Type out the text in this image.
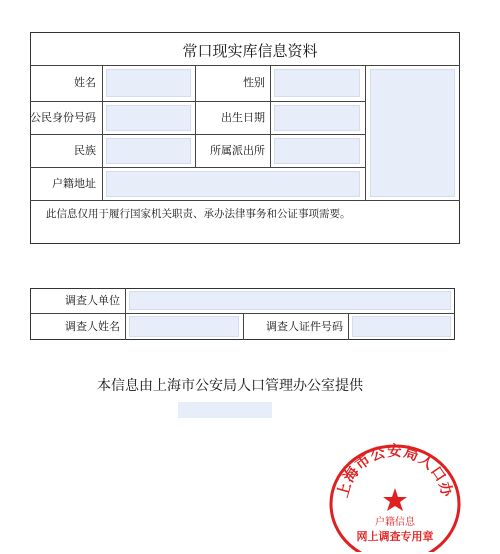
常口现实库信息资料
姓名	性别
公民身份号码	出生日期
民族	所属派出所
户籍地址
此信息仅用于履行国家机关职责、承办法律事务和公证事项需要。
调查人单位
调查人姓名	调查人证件号码
本信息由上海市公安局人口管理办公室提供
上海市公安局人口办
户籍信息
网上调查专用章
